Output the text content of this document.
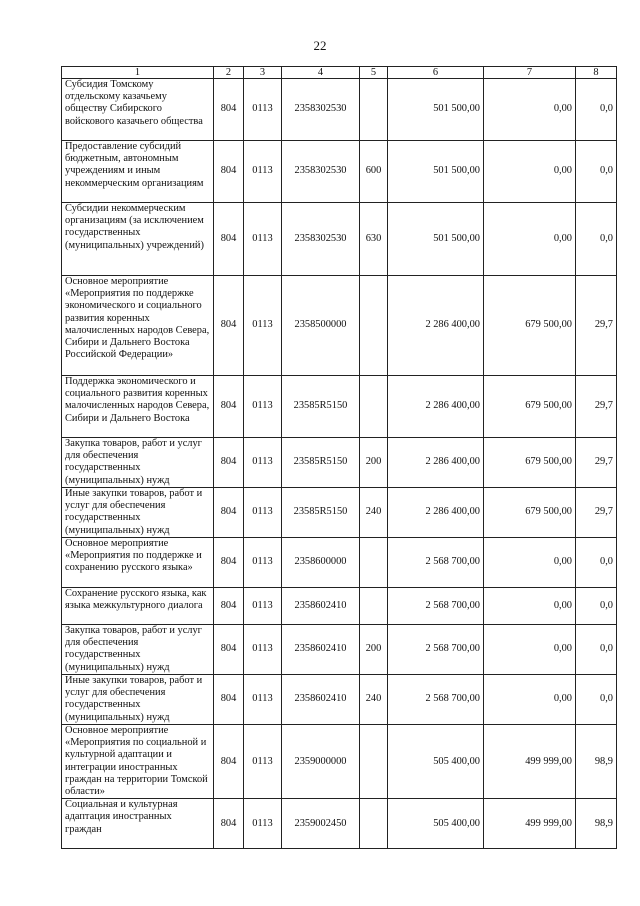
22
1	2	3	4	5	6	7	8
Субсидия Томскому отдельскому казачьему обществу Сибирского войскового казачьего общества	804	0113	2358302530		501 500,00	0,00	0,0
Предоставление субсидий бюджетным, автономным учреждениям и иным некоммерческим организациям	804	0113	2358302530	600	501 500,00	0,00	0,0
Субсидии некоммерческим организациям (за исключением государственных (муниципальных) учреждений)	804	0113	2358302530	630	501 500,00	0,00	0,0
Основное мероприятие «Мероприятия по поддержке экономического и социального развития коренных малочисленных народов Севера, Сибири и Дальнего Востока Российской Федерации»	804	0113	2358500000		2 286 400,00	679 500,00	29,7
Поддержка экономического и социального развития коренных малочисленных народов Севера, Сибири и Дальнего Востока	804	0113	23585R5150		2 286 400,00	679 500,00	29,7
Закупка товаров, работ и услуг для обеспечения государственных (муниципальных) нужд	804	0113	23585R5150	200	2 286 400,00	679 500,00	29,7
Иные закупки товаров, работ и услуг для обеспечения государственных (муниципальных) нужд	804	0113	23585R5150	240	2 286 400,00	679 500,00	29,7
Основное мероприятие «Мероприятия по поддержке и сохранению русского языка»	804	0113	2358600000		2 568 700,00	0,00	0,0
Сохранение русского языка, как языка межкультурного диалога	804	0113	2358602410		2 568 700,00	0,00	0,0
Закупка товаров, работ и услуг для обеспечения государственных (муниципальных) нужд	804	0113	2358602410	200	2 568 700,00	0,00	0,0
Иные закупки товаров, работ и услуг для обеспечения государственных (муниципальных) нужд	804	0113	2358602410	240	2 568 700,00	0,00	0,0
Основное мероприятие «Мероприятия по социальной и культурной адаптации и интеграции иностранных граждан на территории Томской области»	804	0113	2359000000		505 400,00	499 999,00	98,9
Социальная и культурная адаптация иностранных граждан	804	0113	2359002450		505 400,00	499 999,00	98,9
